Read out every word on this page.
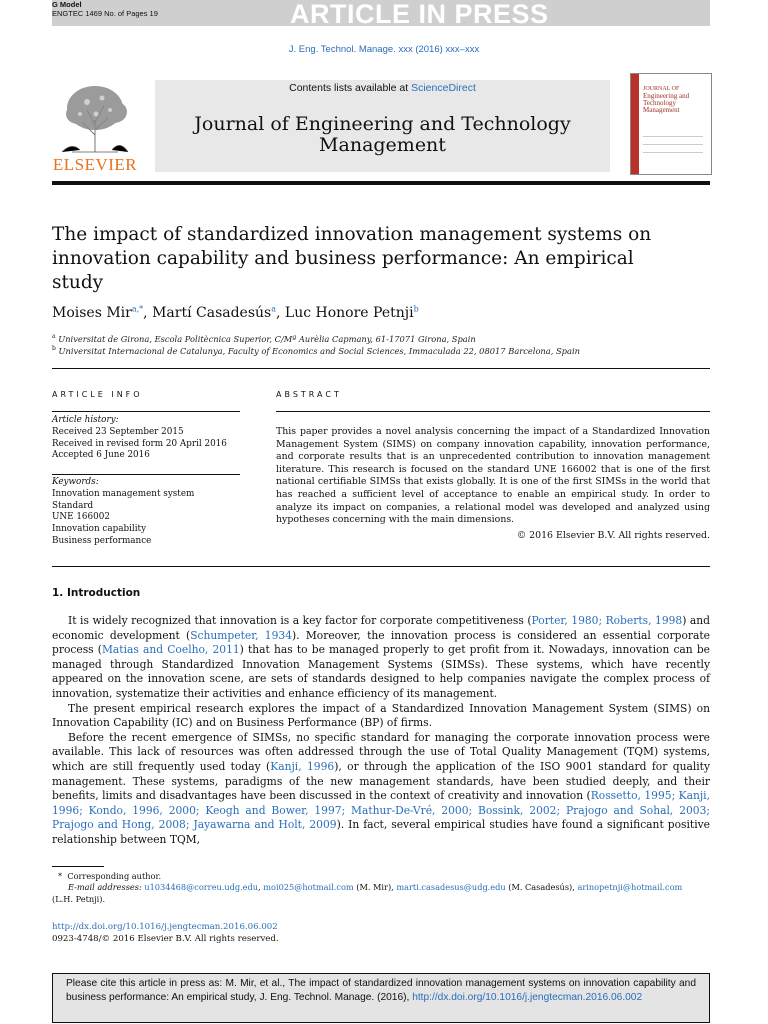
G Model
ENGTEC 1469 No. of Pages 19	ARTICLE IN PRESS
J. Eng. Technol. Manage. xxx (2016) xxx–xxx
Contents lists available at ScienceDirect
Journal of Engineering and Technology
Management
ELSEVIER
JOURNAL OF
Engineering and
Technology Management
The impact of standardized innovation management systems on innovation capability and business performance: An empirical study
Moises Mir$^{a,*}$, Martí Casadesús$^a$, Luc Honore Petnji$^b$
$^a$ Universitat de Girona, Escola Politècnica Superior, C/Mª Aurèlia Capmany, 61-17071 Girona, Spain
$^b$ Universitat Internacional de Catalunya, Faculty of Economics and Social Sciences, Immaculada 22, 08017 Barcelona, Spain
ARTICLE INFO
Article history:
Received 23 September 2015
Received in revised form 20 April 2016
Accepted 6 June 2016
Keywords:
Innovation management system
Standard
UNE 166002
Innovation capability
Business performance
ABSTRACT
This paper provides a novel analysis concerning the impact of a Standardized Innovation Management System (SIMS) on company innovation capability, innovation performance, and corporate results that is an unprecedented contribution to innovation management literature. This research is focused on the standard UNE 166002 that is one of the first national certifiable SIMSs that exists globally. It is one of the first SIMSs in the world that has reached a sufficient level of acceptance to enable an empirical study. In order to analyze its impact on companies, a relational model was developed and analyzed using hypotheses concerning with the main dimensions.
© 2016 Elsevier B.V. All rights reserved.
1. Introduction

It is widely recognized that innovation is a key factor for corporate competitiveness (Porter, 1980; Roberts, 1998) and economic development (Schumpeter, 1934). Moreover, the innovation process is considered an essential corporate process (Matias and Coelho, 2011) that has to be managed properly to get profit from it. Nowadays, innovation can be managed through Standardized Innovation Management Systems (SIMSs). These systems, which have recently appeared on the innovation scene, are sets of standards designed to help companies navigate the complex process of innovation, systematize their activities and enhance efficiency of its management.

The present empirical research explores the impact of a Standardized Innovation Management System (SIMS) on Innovation Capability (IC) and on Business Performance (BP) of firms.

Before the recent emergence of SIMSs, no specific standard for managing the corporate innovation process were available. This lack of resources was often addressed through the use of Total Quality Management (TQM) systems, which are still frequently used today (Kanji, 1996), or through the application of the ISO 9001 standard for quality management. These systems, paradigms of the new management standards, have been studied deeply, and their benefits, limits and disadvantages have been discussed in the context of creativity and innovation (Rossetto, 1995; Kanji, 1996; Kondo, 1996, 2000; Keogh and Bower, 1997; Mathur-De-Vré, 2000; Bossink, 2002; Prajogo and Sohal, 2003; Prajogo and Hong, 2008; Jayawarna and Holt, 2009). In fact, several empirical studies have found a significant positive relationship between TQM,

* Corresponding author.
E-mail addresses: u1034468@correu.udg.edu, moi025@hotmail.com (M. Mir), marti.casadesus@udg.edu (M. Casadesús), arinopetnji@hotmail.com
(L.H. Petnji).
http://dx.doi.org/10.1016/j.jengtecman.2016.06.002
0923-4748/© 2016 Elsevier B.V. All rights reserved.
Please cite this article in press as: M. Mir, et al., The impact of standardized innovation management systems on innovation capability and business performance: An empirical study, J. Eng. Technol. Manage. (2016), http://dx.doi.org/10.1016/j.jengtecman.2016.06.002
